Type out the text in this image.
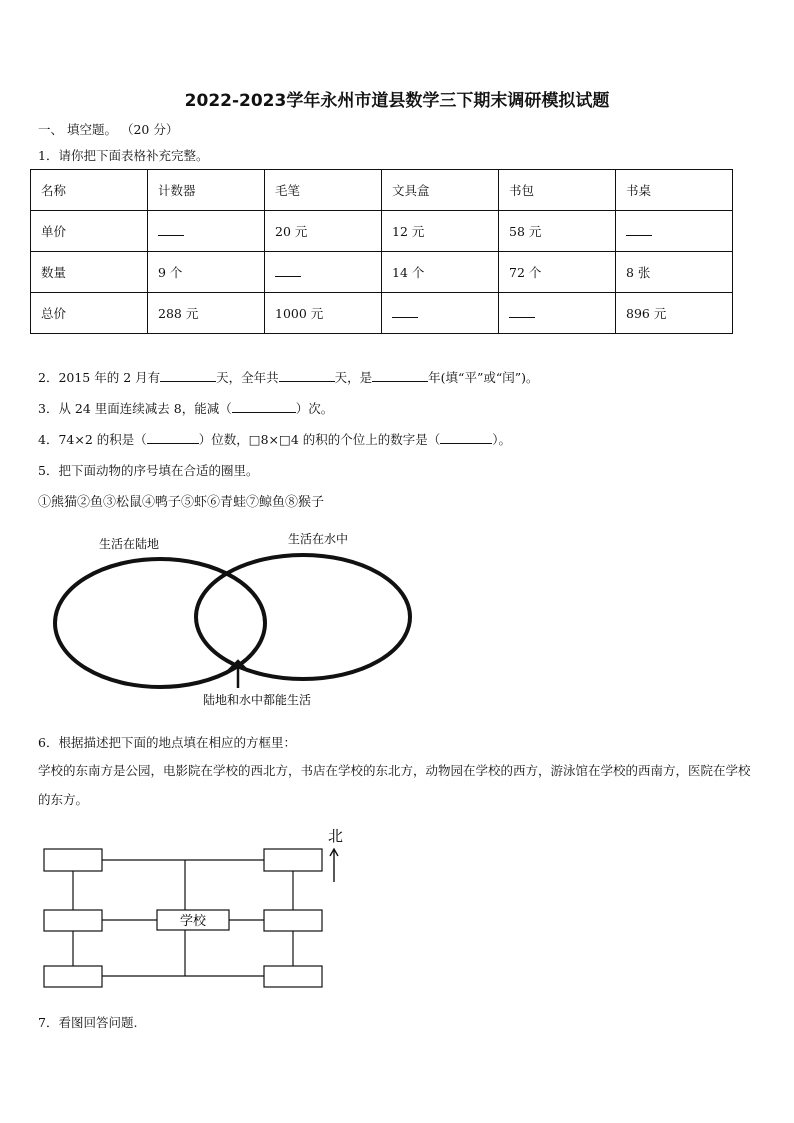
2022-2023学年永州市道县数学三下期末调研模拟试题
一、 填空题。 （20 分）
1．请你把下面表格补充完整。
名称	计数器	毛笔	文具盒	书包	书桌
单价		20 元	12 元	58 元	
数量	9 个		14 个	72 个	8 张
总价	288 元	1000 元			896 元
2．2015 年的 2 月有	天，全年共	天，是	年(填“平”或“闰”)。
3．从 24 里面连续减去 8，能减（	）次。
4．74×2 的积是（	）位数，□8×□4 的积的个位上的数字是（	）。
5．把下面动物的序号填在合适的圈里。
①熊猫②鱼③松鼠④鸭子⑤虾⑥青蛙⑦鲸鱼⑧猴子
生活在陆地	生活在水中
陆地和水中都能生活
6．根据描述把下面的地点填在相应的方框里：
学校的东南方是公园，电影院在学校的西北方，书店在学校的东北方，动物园在学校的西方，游泳馆在学校的西南方，医院在学校的东方。
学校
北
7．看图回答问题.
